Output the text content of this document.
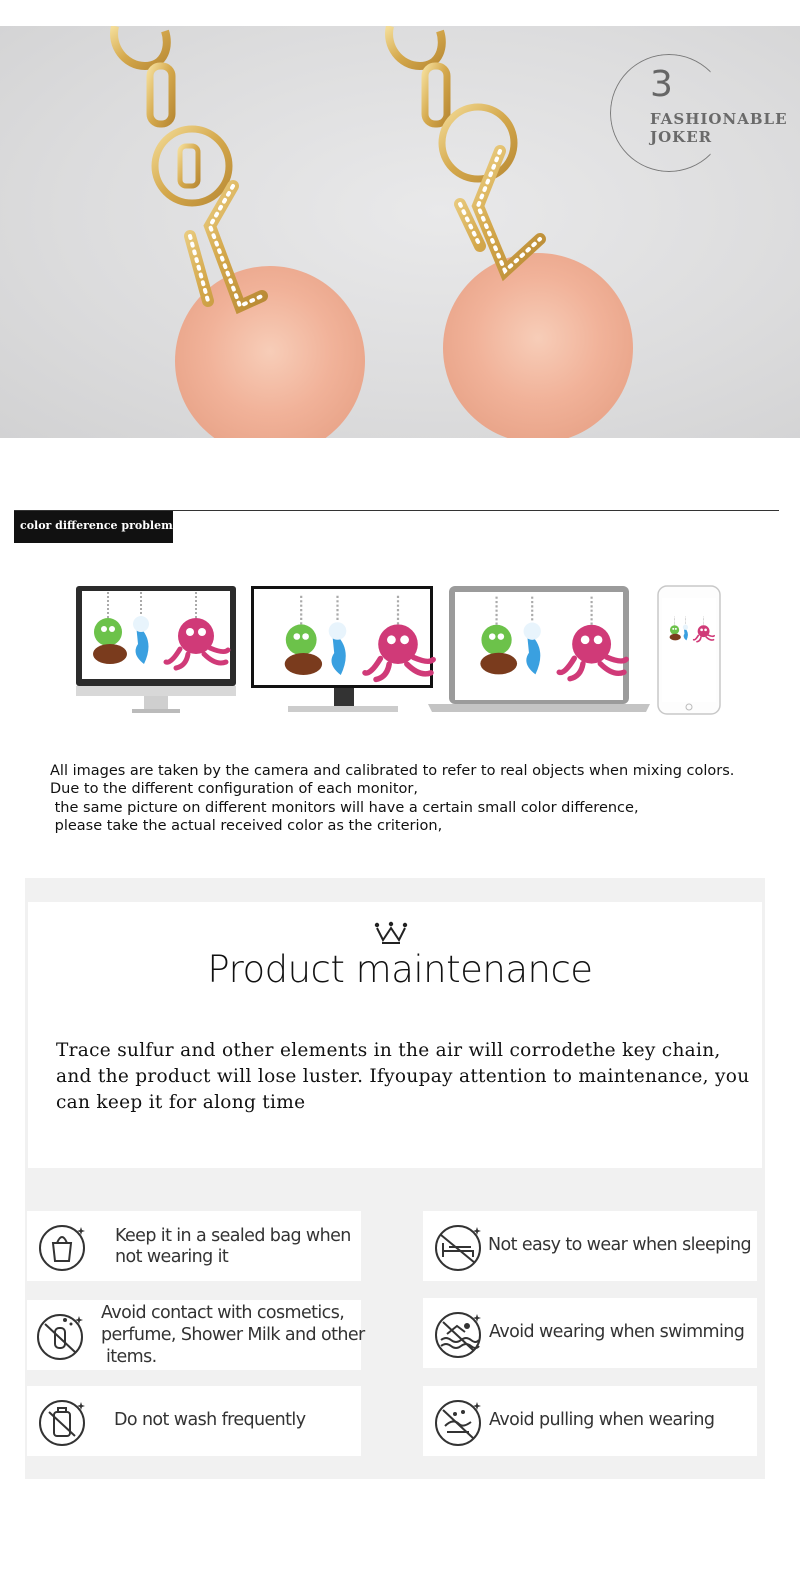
3
FASHIONABLE
JOKER
color difference problem
All images are taken by the camera and calibrated to refer to real objects when mixing colors.
Due to the different configuration of each monitor,
the same picture on different monitors will have a certain small color difference,
please take the actual received color as the criterion,
Product maintenance
Trace sulfur and other elements in the air will corrodethe key chain, and the product will lose luster. Ifyoupay attention to maintenance, you can keep it for along time
Keep it in a sealed bag when
not wearing it
Not easy to wear when sleeping
Avoid contact with cosmetics,
perfume, Shower Milk and other
items.
Avoid wearing when swimming
Do not wash frequently	Avoid pulling when wearing
